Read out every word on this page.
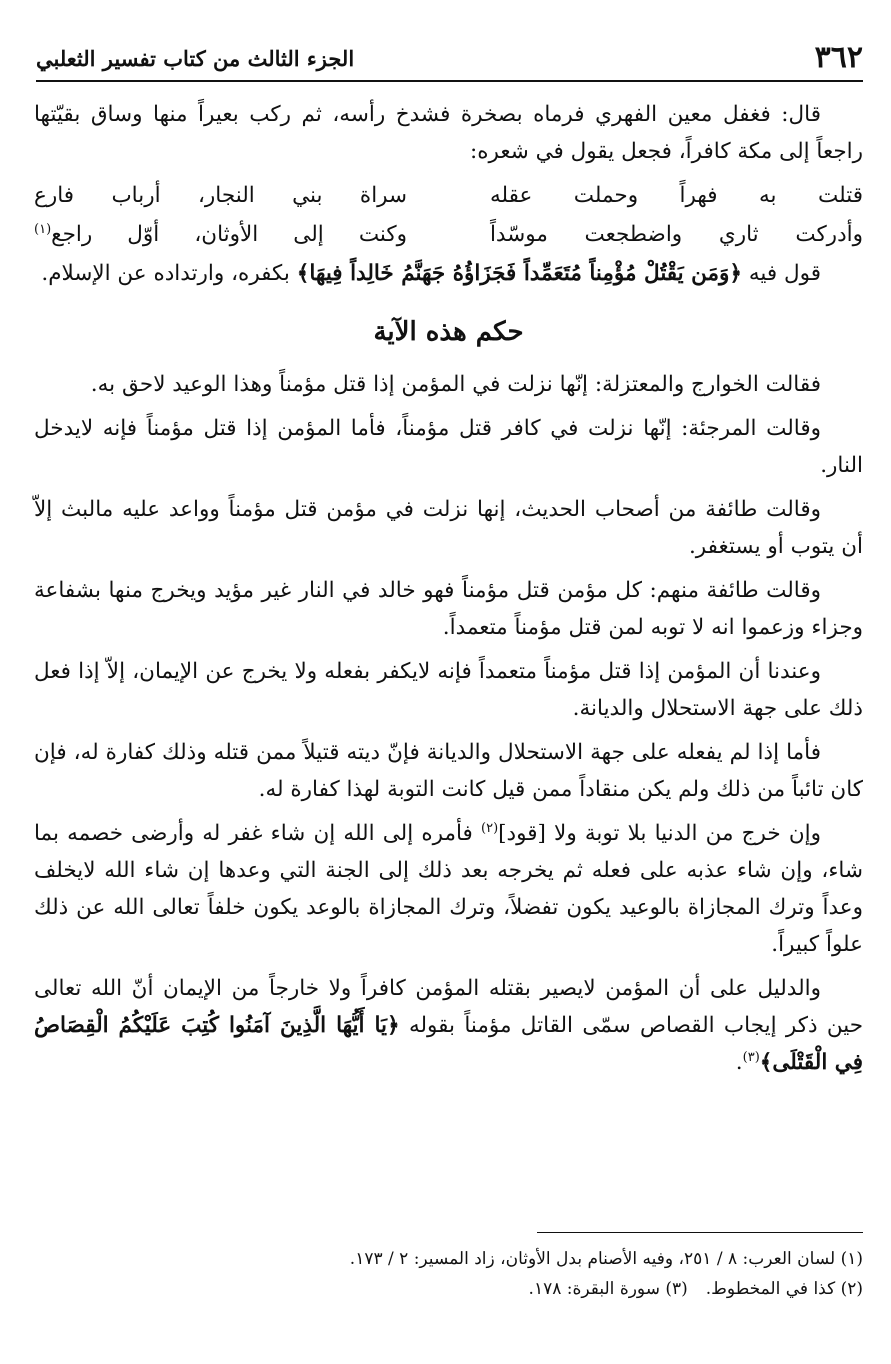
٣٦٢
الجزء الثالث من كتاب تفسير الثعلبي

قال: فغفل معين الفهري فرماه بصخرة فشدخ رأسه، ثم ركب بعيراً منها وساق بقيّتها راجعاً إلى مكة كافراً، فجعل يقول في شعره:

قتلت به فهراً وحملت عقله
سراة بني النجار، أرباب فارع
وأدركت ثاري واضطجعت موسّداً
وكنت إلى الأوثان، أوّل راجع$^{(١)}$

قول فيه ﴿وَمَن يَقْتُلْ مُؤْمِناً مُتَعَمِّداً فَجَزَاؤُهُ جَهَنَّمُ خَالِداً فِيهَا﴾ بكفره، وارتداده عن الإسلام.

حكم هذه الآية

فقالت الخوارج والمعتزلة: إنّها نزلت في المؤمن إذا قتل مؤمناً وهذا الوعيد لاحق به.

وقالت المرجئة: إنّها نزلت في كافر قتل مؤمناً، فأما المؤمن إذا قتل مؤمناً فإنه لايدخل النار.

وقالت طائفة من أصحاب الحديث، إنها نزلت في مؤمن قتل مؤمناً وواعد عليه مالبث إلاّ أن يتوب أو يستغفر.

وقالت طائفة منهم: كل مؤمن قتل مؤمناً فهو خالد في النار غير مؤيد ويخرج منها بشفاعة وجزاء وزعموا انه لا توبه لمن قتل مؤمناً متعمداً.

وعندنا أن المؤمن إذا قتل مؤمناً متعمداً فإنه لايكفر بفعله ولا يخرج عن الإيمان، إلاّ إذا فعل ذلك على جهة الاستحلال والديانة.

فأما إذا لم يفعله على جهة الاستحلال والديانة فإنّ ديته قتيلاً ممن قتله وذلك كفارة له، فإن كان تائباً من ذلك ولم يكن منقاداً ممن قيل كانت التوبة لهذا كفارة له.

وإن خرج من الدنيا بلا توبة ولا [قود]$^{(٢)}$ فأمره إلى الله إن شاء غفر له وأرضى خصمه بما شاء، وإن شاء عذبه على فعله ثم يخرجه بعد ذلك إلى الجنة التي وعدها إن شاء الله لايخلف وعداً وترك المجازاة بالوعيد يكون تفضلاً، وترك المجازاة بالوعد يكون خلفاً تعالى الله عن ذلك علواً كبيراً.

والدليل على أن المؤمن لايصير بقتله المؤمن كافراً ولا خارجاً من الإيمان أنّ الله تعالى حين ذكر إيجاب القصاص سمّى القاتل مؤمناً بقوله ﴿يَا أَيُّهَا الَّذِينَ آمَنُوا كُتِبَ عَلَيْكُمُ الْقِصَاصُ فِي الْقَتْلَى﴾$^{(٣)}$.

(١) لسان العرب: ٨ / ٢٥١، وفيه الأصنام بدل الأوثان، زاد المسير: ٢ / ١٧٣.
(٢) كذا في المخطوط.
(٣) سورة البقرة: ١٧٨.
